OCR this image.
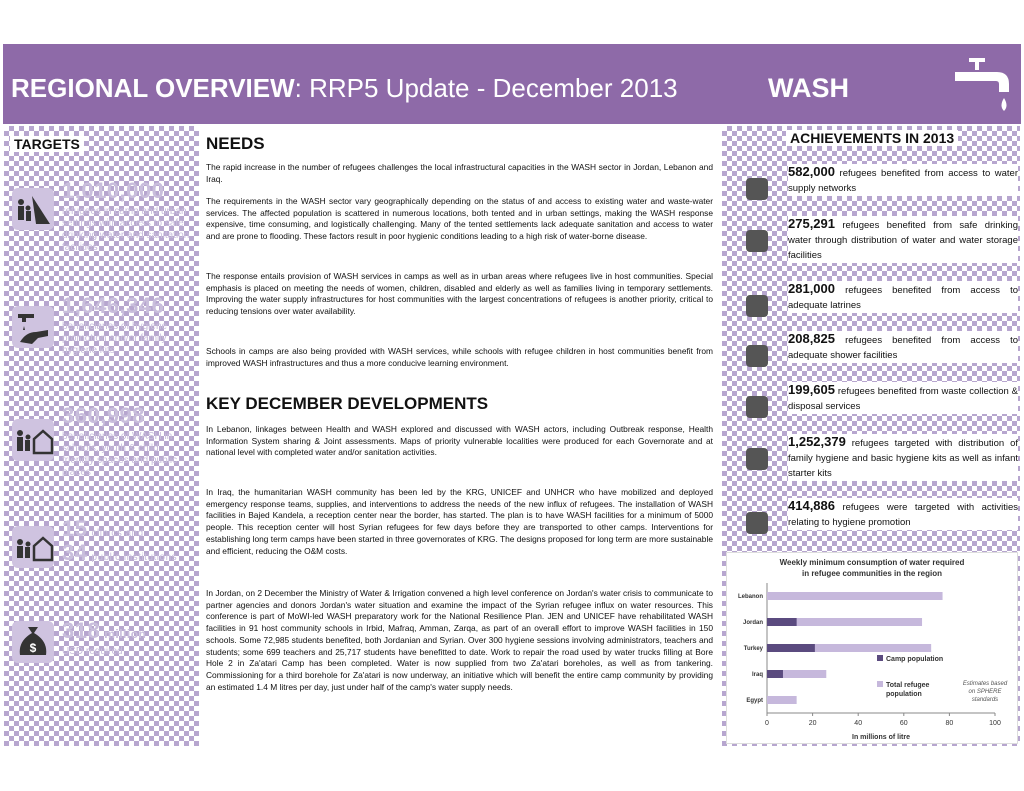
REGIONAL OVERVIEW: RRP5 Update - December 2013	WASH
TARGETS
1,010,000
refugees in camp and urban settings with access to safe drinking water and sanitation facilities
1,646,346
beneficiaries of hygiene promotion and/or family hygiene kits
360,998
beneficiaries of WASH in schools, youth & child friendly spaces and public places
15 clinics and
34 public institutions
$
318 million
USD required
NEEDS

The rapid increase in the number of refugees challenges the local infrastructural capacities in the WASH sector in Jordan, Lebanon and Iraq.

The requirements in the WASH sector vary geographically depending on the status of and access to existing water and waste-water services. The affected population is scattered in numerous locations, both tented and in urban settings, making the WASH response expensive, time consuming, and logistically challenging. Many of the tented settlements lack adequate sanitation and access to water and are prone to flooding. These factors result in poor hygienic conditions leading to a high risk of water-borne disease.

The response entails provision of WASH services in camps as well as in urban areas where refugees live in host communities. Special emphasis is placed on meeting the needs of women, children, disabled and elderly as well as families living in temporary settlements. Improving the water supply infrastructures for host communities with the largest concentrations of refugees is another priority, critical to reducing tensions over water availability.

Schools in camps are also being provided with WASH services, while schools with refugee children in host communities benefit from improved WASH infrastructures and thus a more conducive learning environment.

KEY DECEMBER DEVELOPMENTS

In Lebanon, linkages between Health and WASH explored and discussed with WASH actors, including Outbreak response, Health Information System sharing & Joint assessments. Maps of priority vulnerable localities were produced for each Governorate and at national level with completed water and/or sanitation activities.

In Iraq, the humanitarian WASH community has been led by the KRG, UNICEF and UNHCR who have mobilized and deployed emergency response teams, supplies, and interventions to address the needs of the new influx of refugees. The installation of WASH facilities in Bajed Kandela, a reception center near the border, has started. The plan is to have WASH facilities for a minimum of 5000 people. This reception center will host Syrian refugees for few days before they are transported to other camps. Interventions for establishing long term camps have been started in three governorates of KRG. The designs proposed for long term are more sustainable and efficient, reducing the O&M costs.

In Jordan, on 2 December the Ministry of Water & Irrigation convened a high level conference on Jordan's water crisis to communicate to partner agencies and donors Jordan's water situation and examine the impact of the Syrian refugee influx on water resources. This conference is part of MoWI-led WASH preparatory work for the National Resilience Plan. JEN and UNICEF have rehabilitated WASH facilities in 91 host community schools in Irbid, Mafraq, Amman, Zarqa, as part of an overall effort to improve WASH facilities in 150 schools. Some 72,985 students benefited, both Jordanian and Syrian. Over 300 hygiene sessions involving administrators, teachers and students; some 699 teachers and 25,717 students have benefitted to date. Work to repair the road used by water trucks filling at Bore Hole 2 in Za'atari Camp has been completed. Water is now supplied from two Za'atari boreholes, as well as from tankering. Commissioning for a third borehole for Za'atari is now underway, an initiative which will benefit the entire camp community by providing an estimated 1.4 M litres per day, just under half of the camp's water supply needs.

ACHIEVEMENTS IN 2013
582,000 refugees benefited from access to water supply networks
275,291 refugees benefited from safe drinking water through distribution of water and water storage facilities
281,000 refugees benefited from access to adequate latrines
208,825 refugees benefited from access to adequate shower facilities
199,605 refugees benefited from waste collection & disposal services
1,252,379 refugees targeted with distribution of family hygiene and basic hygiene kits as well as infant starter kits
414,886 refugees were targeted with activities relating to hygiene promotion
Weekly minimum consumption of water required
in refugee communities in the region
0	20	40	60	80	100
In millions of litre
Lebanon
Jordan
Turkey
Iraq
Egypt
Camp population
Total refugee
population
Estimates based
on SPHERE
standards
